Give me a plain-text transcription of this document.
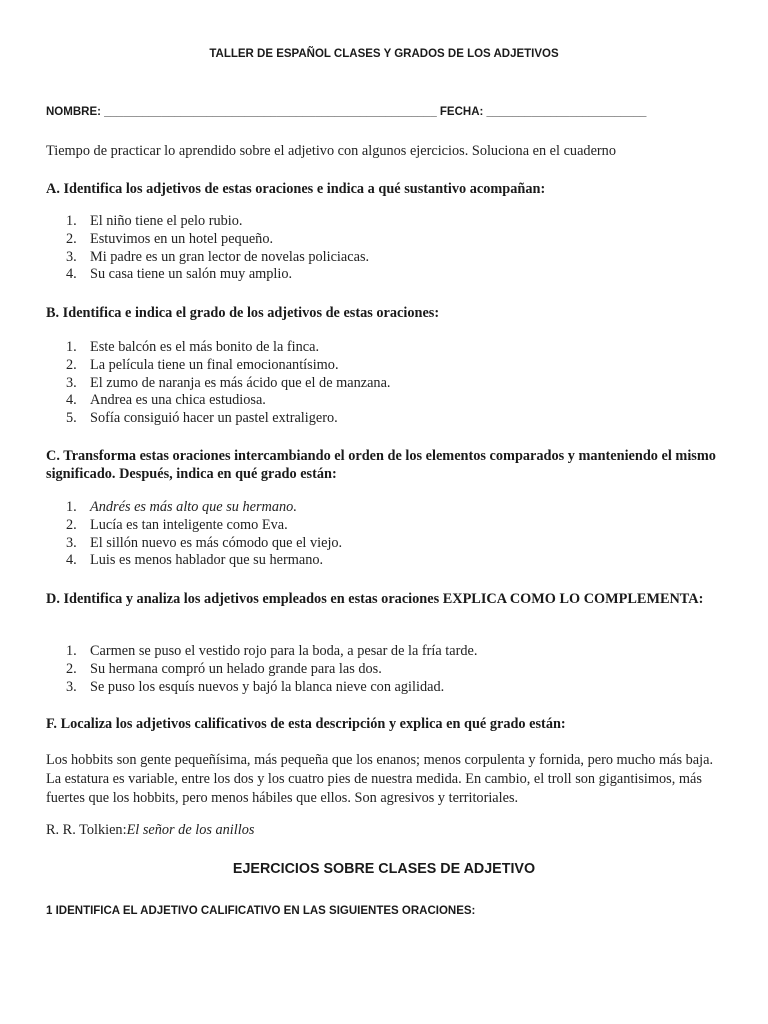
TALLER DE ESPAÑOL CLASES Y GRADOS DE LOS ADJETIVOS
NOMBRE: ____________________________________________________ FECHA: _________________________
Tiempo de practicar lo aprendido sobre el adjetivo con algunos ejercicios. Soluciona en el cuaderno
A. Identifica los adjetivos de estas oraciones e indica a qué sustantivo acompañan:
1. El niño tiene el pelo rubio.
2. Estuvimos en un hotel pequeño.
3. Mi padre es un gran lector de novelas policiacas.
4. Su casa tiene un salón muy amplio.
B. Identifica e indica el grado de los adjetivos de estas oraciones:
1. Este balcón es el más bonito de la finca.
2. La película tiene un final emocionantísimo.
3. El zumo de naranja es más ácido que el de manzana.
4. Andrea es una chica estudiosa.
5. Sofía consiguió hacer un pastel extraligero.
C. Transforma estas oraciones intercambiando el orden de los elementos comparados y manteniendo el mismo significado. Después, indica en qué grado están:
1. Andrés es más alto que su hermano.
2. Lucía es tan inteligente como Eva.
3. El sillón nuevo es más cómodo que el viejo.
4. Luis es menos hablador que su hermano.
D. Identifica y analiza los adjetivos empleados en estas oraciones EXPLICA COMO LO COMPLEMENTA:
1. Carmen se puso el vestido rojo para la boda, a pesar de la fría tarde.
2. Su hermana compró un helado grande para las dos.
3. Se puso los esquís nuevos y bajó la blanca nieve con agilidad.
F. Localiza los adjetivos calificativos de esta descripción y explica en qué grado están:
Los hobbits son gente pequeñísima, más pequeña que los enanos; menos corpulenta y fornida, pero mucho más baja. La estatura es variable, entre los dos y los cuatro pies de nuestra medida. En cambio, el troll son gigantisimos, más fuertes que los hobbits, pero menos hábiles que ellos. Son agresivos y territoriales.
R. R. Tolkien:El señor de los anillos
EJERCICIOS SOBRE CLASES DE ADJETIVO
1 IDENTIFICA EL ADJETIVO CALIFICATIVO EN LAS SIGUIENTES ORACIONES:
